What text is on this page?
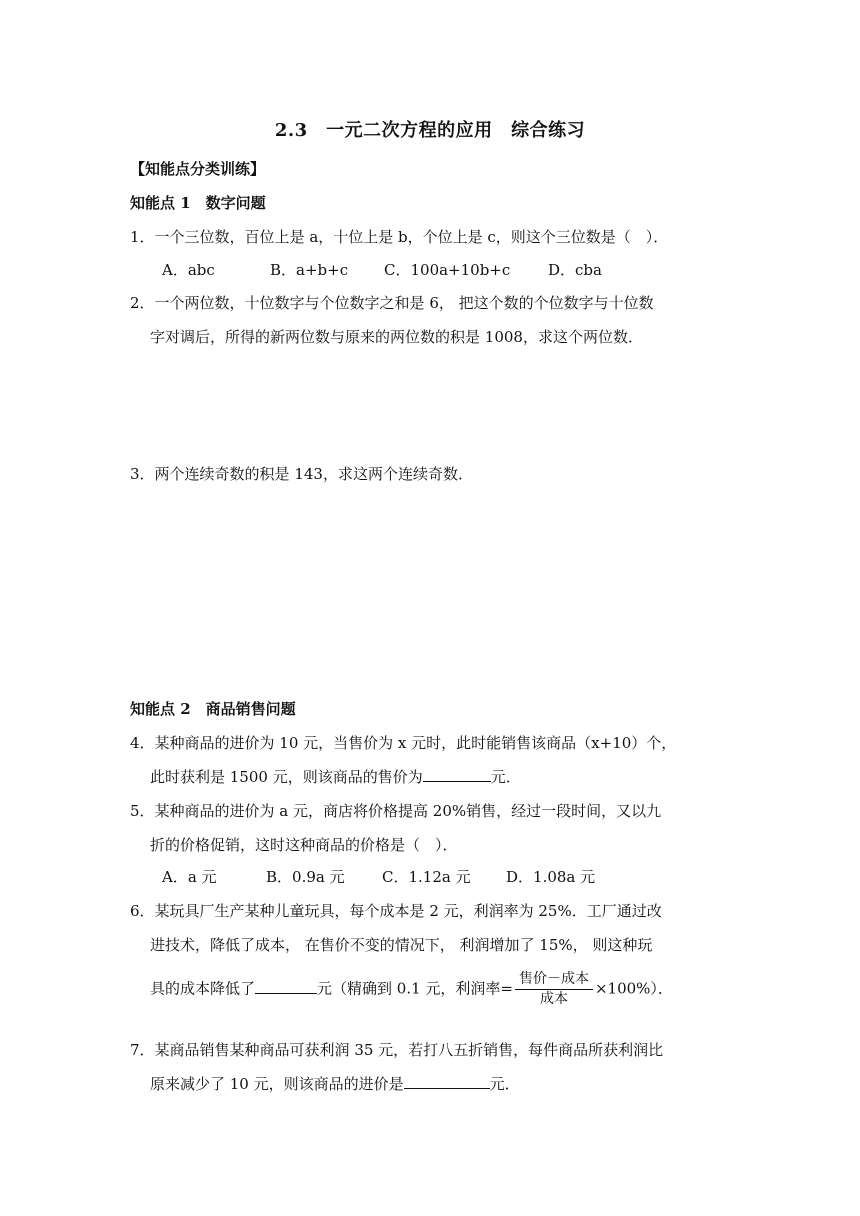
2.3　一元二次方程的应用　综合练习
【知能点分类训练】
知能点 1　数字问题
1．一个三位数，百位上是 a，十位上是 b，个位上是 c，则这个三位数是（　）．
A．abc	B．a+b+c C．100a+10b+c	D．cba
2．一个两位数，十位数字与个位数字之和是 6， 把这个数的个位数字与十位数
字对调后，所得的新两位数与原来的两位数的积是 1008，求这个两位数．
3．两个连续奇数的积是 143，求这两个连续奇数．
知能点 2　商品销售问题
4．某种商品的进价为 10 元，当售价为 x 元时，此时能销售该商品（x+10）个，
此时获利是 1500 元，则该商品的售价为	元．
5．某种商品的进价为 a 元，商店将价格提高 20%销售，经过一段时间，又以九
折的价格促销，这时这种商品的价格是（　）．
A．a 元	B．0.9a 元 C．1.12a 元 D．1.08a 元
6．某玩具厂生产某种儿童玩具，每个成本是 2 元，利润率为 25%．工厂通过改
进技术，降低了成本， 在售价不变的情况下， 利润增加了 15%， 则这种玩
具的成本降低了	元（精确到 0.1 元，利润率= $\frac{\text{售价－成本}}{\text{成本}} \times 100\%$）．
7．某商品销售某种商品可获利润 35 元，若打八五折销售，每件商品所获利润比
原来减少了 10 元，则该商品的进价是	元．
